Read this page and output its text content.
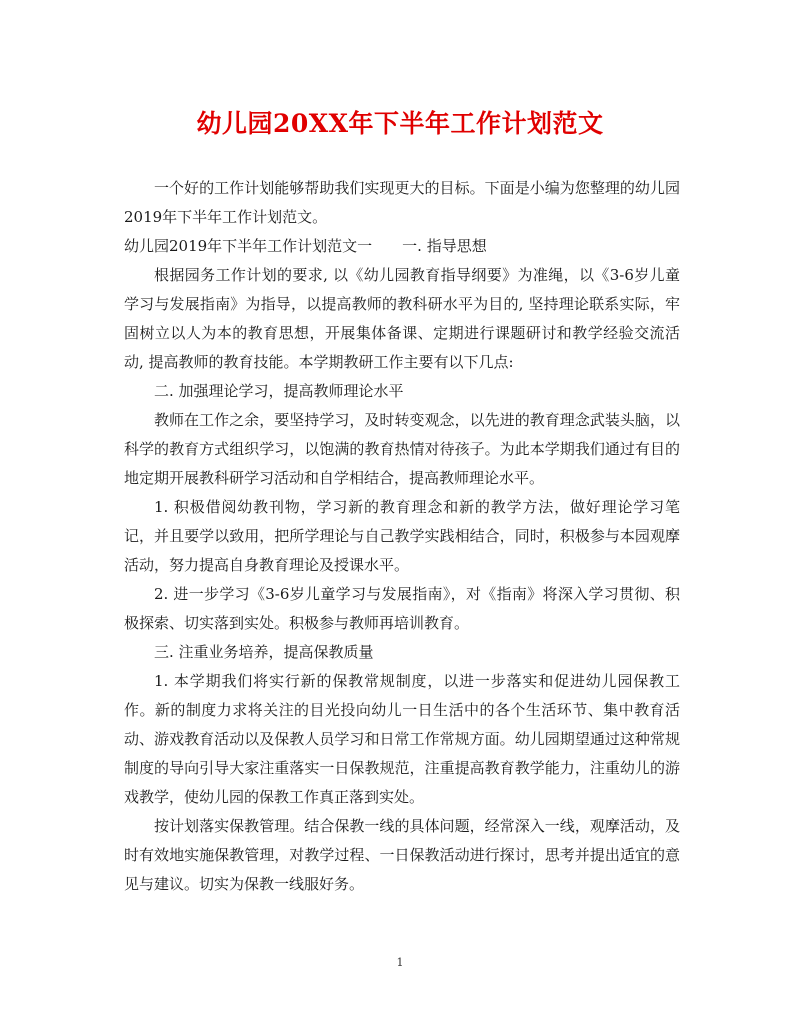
幼儿园20XX年下半年工作计划范文

一个好的工作计划能够帮助我们实现更大的目标。下面是小编为您整理的幼儿园2019年下半年工作计划范文。

幼儿园2019年下半年工作计划范文一　　一. 指导思想

根据园务工作计划的要求, 以《幼儿园教育指导纲要》为准绳，以《3-6岁儿童学习与发展指南》为指导，以提高教师的教科研水平为目的, 坚持理论联系实际，牢固树立以人为本的教育思想，开展集体备课、定期进行课题研讨和教学经验交流活动, 提高教师的教育技能。本学期教研工作主要有以下几点:

二. 加强理论学习，提高教师理论水平

教师在工作之余，要坚持学习，及时转变观念，以先进的教育理念武装头脑，以科学的教育方式组织学习，以饱满的教育热情对待孩子。为此本学期我们通过有目的地定期开展教科研学习活动和自学相结合，提高教师理论水平。

1. 积极借阅幼教刊物，学习新的教育理念和新的教学方法，做好理论学习笔记，并且要学以致用，把所学理论与自己教学实践相结合，同时，积极参与本园观摩活动，努力提高自身教育理论及授课水平。

2. 进一步学习《3-6岁儿童学习与发展指南》，对《指南》将深入学习贯彻、积极探索、切实落到实处。积极参与教师再培训教育。

三. 注重业务培养，提高保教质量

1. 本学期我们将实行新的保教常规制度，以进一步落实和促进幼儿园保教工作。新的制度力求将关注的目光投向幼儿一日生活中的各个生活环节、集中教育活动、游戏教育活动以及保教人员学习和日常工作常规方面。幼儿园期望通过这种常规制度的导向引导大家注重落实一日保教规范，注重提高教育教学能力，注重幼儿的游戏教学，使幼儿园的保教工作真正落到实处。

按计划落实保教管理。结合保教一线的具体问题，经常深入一线，观摩活动，及时有效地实施保教管理，对教学过程、一日保教活动进行探讨，思考并提出适宜的意见与建议。切实为保教一线服好务。

1
